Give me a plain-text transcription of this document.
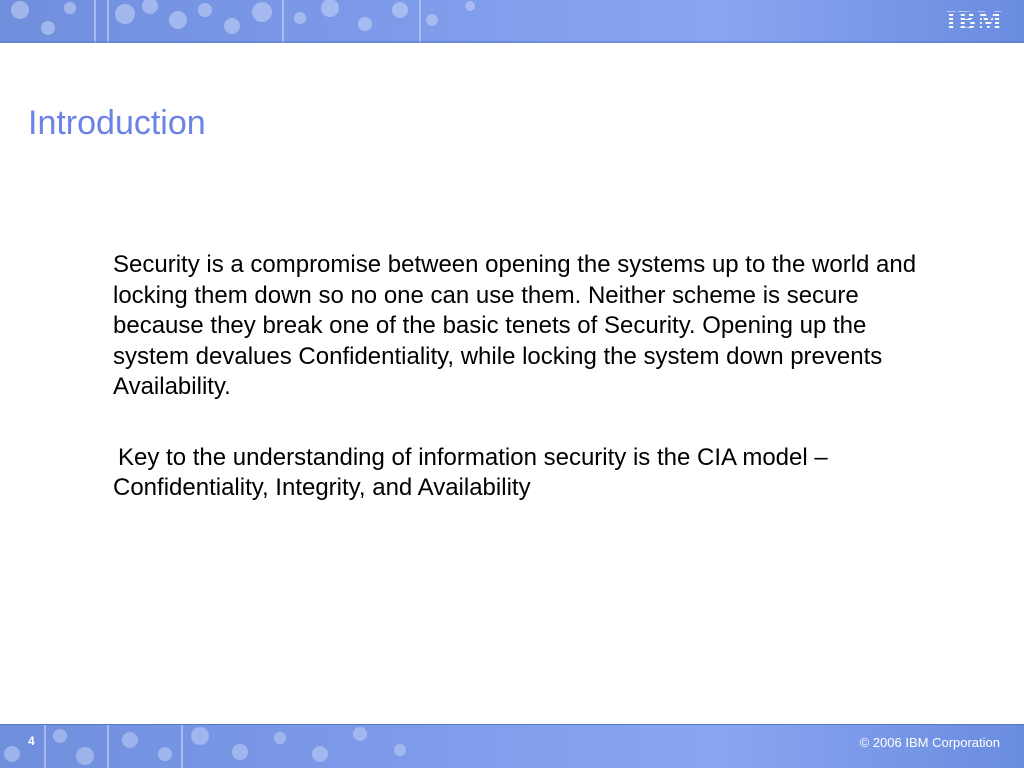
IBM
Introduction

Security is a compromise between opening the systems up to the world and locking them down so no one can use them. Neither scheme is secure because they break one of the basic tenets of Security. Opening up the system devalues Confidentiality, while locking the system down prevents Availability.

Key to the understanding of information security is the CIA model – Confidentiality, Integrity, and Availability

4	© 2006 IBM Corporation
